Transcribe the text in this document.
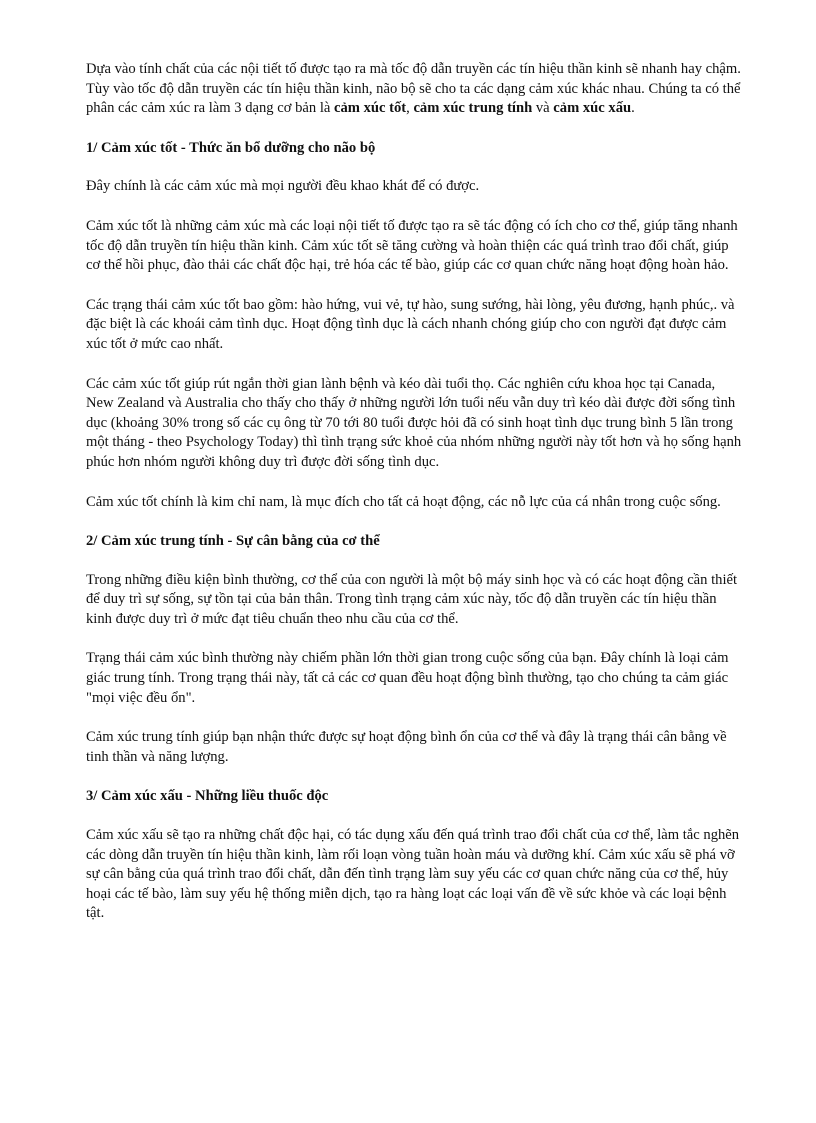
Dựa vào tính chất của các nội tiết tố được tạo ra mà tốc độ dẫn truyền các tín hiệu thần kinh sẽ nhanh hay chậm. Tùy vào tốc độ dẫn truyền các tín hiệu thần kinh, não bộ sẽ cho ta các dạng cảm xúc khác nhau. Chúng ta có thể phân các cảm xúc ra làm 3 dạng cơ bản là cảm xúc tốt, cảm xúc trung tính và cảm xúc xấu.

1/ Cảm xúc tốt - Thức ăn bổ dưỡng cho não bộ

Đây chính là các cảm xúc mà mọi người đều khao khát để có được.

Cảm xúc tốt là những cảm xúc mà các loại nội tiết tố được tạo ra sẽ tác động có ích cho cơ thể, giúp tăng nhanh tốc độ dẫn truyền tín hiệu thần kinh. Cảm xúc tốt sẽ tăng cường và hoàn thiện các quá trình trao đổi chất, giúp cơ thể hồi phục, đào thải các chất độc hại, trẻ hóa các tế bào, giúp các cơ quan chức năng hoạt động hoàn hảo.

Các trạng thái cảm xúc tốt bao gồm: hào hứng, vui vẻ, tự hào, sung sướng, hài lòng, yêu đương, hạnh phúc,. và đặc biệt là các khoái cảm tình dục. Hoạt động tình dục là cách nhanh chóng giúp cho con người đạt được cảm xúc tốt ở mức cao nhất.

Các cảm xúc tốt giúp rút ngắn thời gian lành bệnh và kéo dài tuổi thọ. Các nghiên cứu khoa học tại Canada, New Zealand và Australia cho thấy cho thấy ở những người lớn tuổi nếu vẫn duy trì kéo dài được đời sống tình dục (khoảng 30% trong số các cụ ông từ 70 tới 80 tuổi được hỏi đã có sinh hoạt tình dục trung bình 5 lần trong một tháng - theo Psychology Today) thì tình trạng sức khoẻ của nhóm những người này tốt hơn và họ sống hạnh phúc hơn nhóm người không duy trì được đời sống tình dục.

Cảm xúc tốt chính là kim chỉ nam, là mục đích cho tất cả hoạt động, các nỗ lực của cá nhân trong cuộc sống.

2/ Cảm xúc trung tính - Sự cân bằng của cơ thể

Trong những điều kiện bình thường, cơ thể của con người là một bộ máy sinh học và có các hoạt động cần thiết để duy trì sự sống, sự tồn tại của bản thân. Trong tình trạng cảm xúc này, tốc độ dẫn truyền các tín hiệu thần kinh được duy trì ở mức đạt tiêu chuẩn theo nhu cầu của cơ thể.

Trạng thái cảm xúc bình thường này chiếm phần lớn thời gian trong cuộc sống của bạn. Đây chính là loại cảm giác trung tính. Trong trạng thái này, tất cả các cơ quan đều hoạt động bình thường, tạo cho chúng ta cảm giác "mọi việc đều ổn".

Cảm xúc trung tính giúp bạn nhận thức được sự hoạt động bình ổn của cơ thể và đây là trạng thái cân bằng về tinh thần và năng lượng.

3/ Cảm xúc xấu - Những liều thuốc độc

Cảm xúc xấu sẽ tạo ra những chất độc hại, có tác dụng xấu đến quá trình trao đổi chất của cơ thể, làm tắc nghẽn các dòng dẫn truyền tín hiệu thần kinh, làm rối loạn vòng tuần hoàn máu và dưỡng khí. Cảm xúc xấu sẽ phá vỡ sự cân bằng của quá trình trao đổi chất, dẫn đến tình trạng làm suy yếu các cơ quan chức năng của cơ thể, hủy hoại các tế bào, làm suy yếu hệ thống miễn dịch, tạo ra hàng loạt các loại vấn đề về sức khỏe và các loại bệnh tật.
